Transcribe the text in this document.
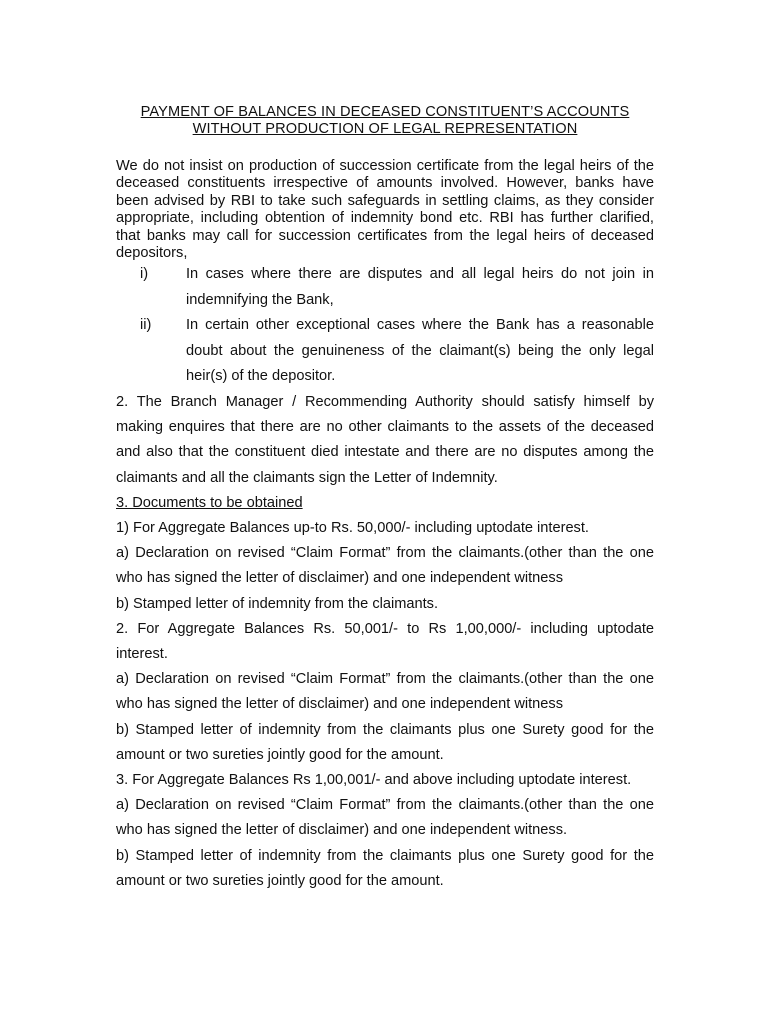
PAYMENT OF BALANCES IN DECEASED CONSTITUENT’S ACCOUNTS
WITHOUT PRODUCTION OF LEGAL REPRESENTATION

We do not insist on production of succession certificate from the legal heirs of the deceased constituents irrespective of amounts involved. However, banks have been advised by RBI to take such safeguards in settling claims, as they consider appropriate, including obtention of indemnity bond etc. RBI has further clarified, that banks may call for succession certificates from the legal heirs of deceased depositors,

i)	In cases where there are disputes and all legal heirs do not join in indemnifying the Bank,
ii) In certain other exceptional cases where the Bank has a reasonable doubt about the genuineness of the claimant(s) being the only legal heir(s) of the depositor.

2. The Branch Manager / Recommending Authority should satisfy himself by making enquires that there are no other claimants to the assets of the deceased and also that the constituent died intestate and there are no disputes among the claimants and all the claimants sign the Letter of Indemnity.

3. Documents to be obtained

1) For Aggregate Balances up-to Rs. 50,000/- including uptodate interest.

a) Declaration on revised “Claim Format” from the claimants.(other than the one who has signed the letter of disclaimer) and one independent witness

b) Stamped letter of indemnity from the claimants.

2. For Aggregate Balances Rs. 50,001/- to Rs 1,00,000/- including uptodate interest.

a) Declaration on revised “Claim Format” from the claimants.(other than the one who has signed the letter of disclaimer) and one independent witness

b) Stamped letter of indemnity from the claimants plus one Surety good for the amount or two sureties jointly good for the amount.

3. For Aggregate Balances Rs 1,00,001/- and above including uptodate interest.

a) Declaration on revised “Claim Format” from the claimants.(other than the one who has signed the letter of disclaimer) and one independent witness.

b) Stamped letter of indemnity from the claimants plus one Surety good for the amount or two sureties jointly good for the amount.
